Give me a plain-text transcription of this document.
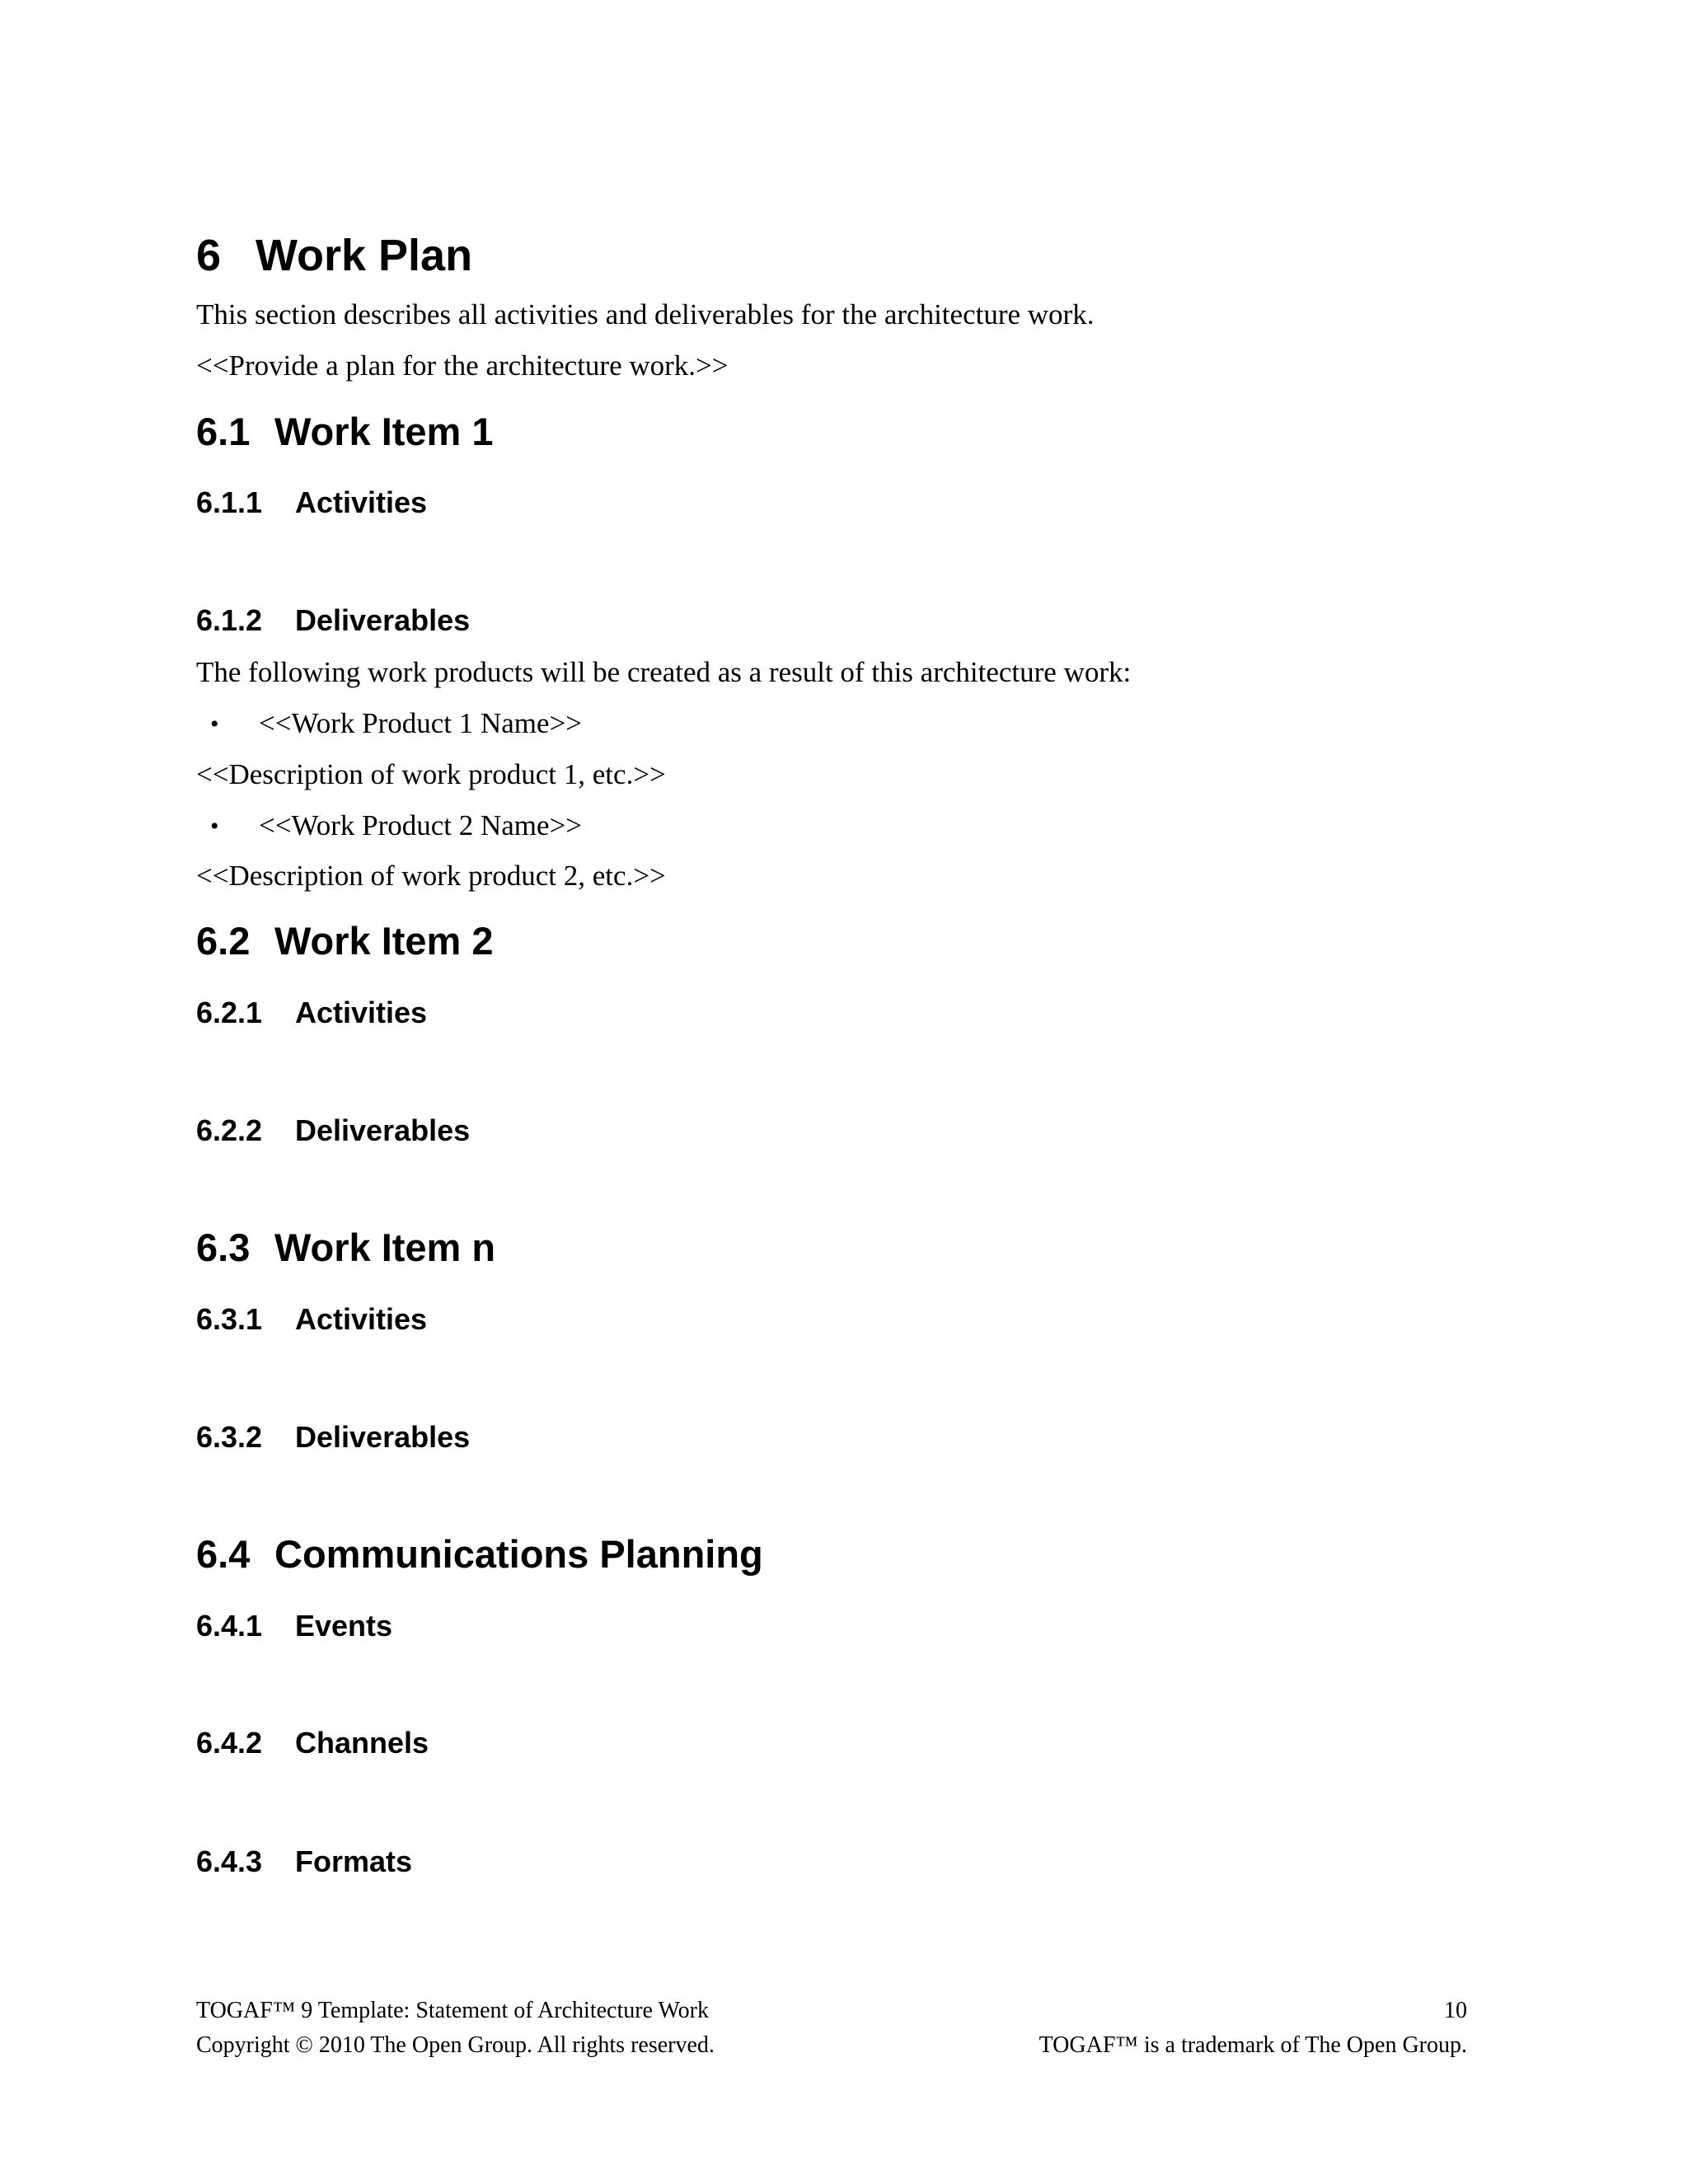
6 Work Plan
This section describes all activities and deliverables for the architecture work.
<<Provide a plan for the architecture work.>>
6.1 Work Item 1
6.1.1 Activities
6.1.2 Deliverables
The following work products will be created as a result of this architecture work:
• <<Work Product 1 Name>>
<<Description of work product 1, etc.>>
• <<Work Product 2 Name>>
<<Description of work product 2, etc.>>
6.2 Work Item 2
6.2.1 Activities
6.2.2 Deliverables
6.3 Work Item n
6.3.1 Activities
6.3.2 Deliverables
6.4 Communications Planning
6.4.1 Events
6.4.2 Channels
6.4.3 Formats
TOGAF™ 9 Template: Statement of Architecture Work	10
Copyright © 2010 The Open Group. All rights reserved.	TOGAF™ is a trademark of The Open Group.
